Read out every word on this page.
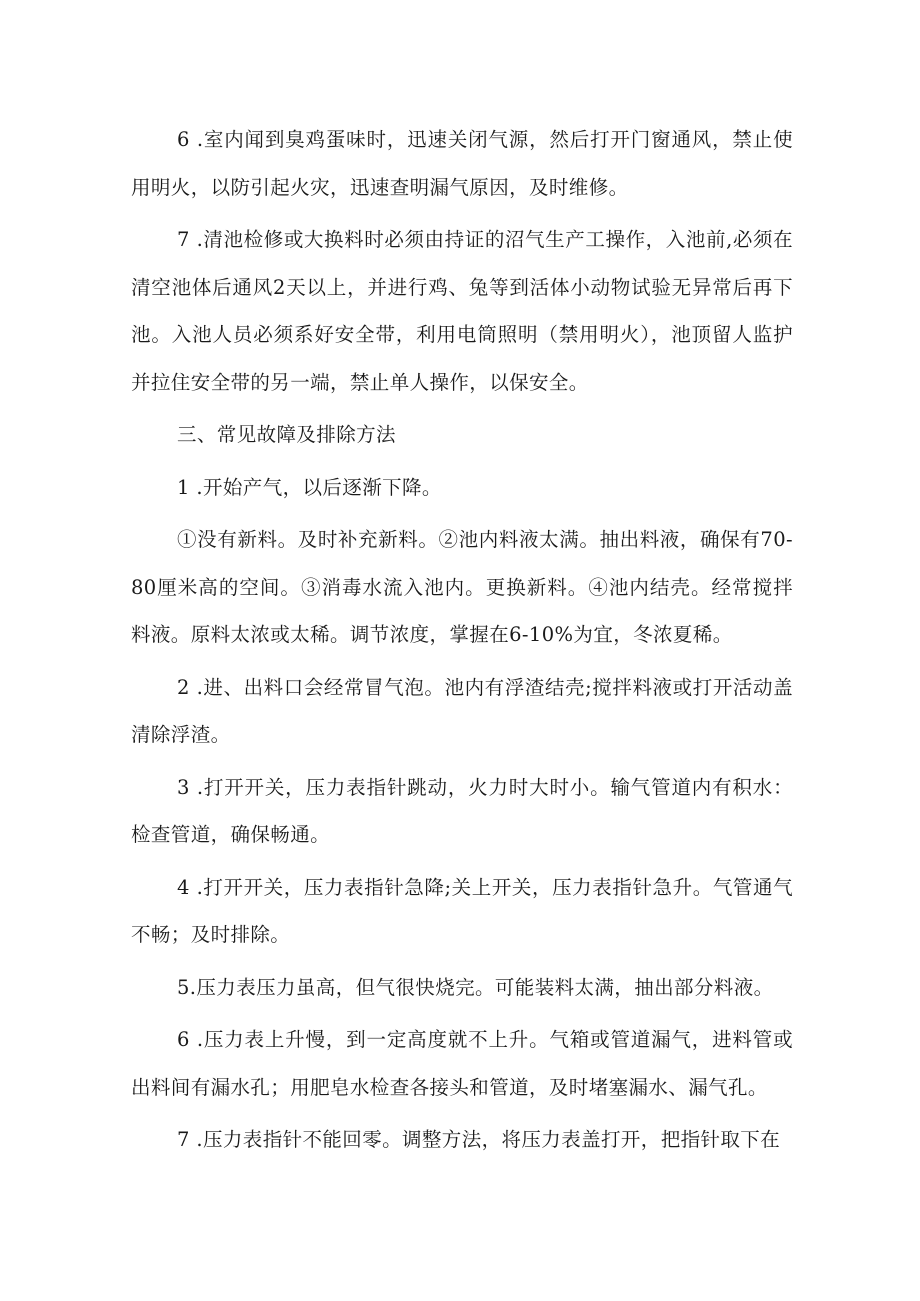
6 .室内闻到臭鸡蛋味时，迅速关闭气源，然后打开门窗通风，禁止使用明火，以防引起火灾，迅速查明漏气原因，及时维修。

7 .清池检修或大换料时必须由持证的沼气生产工操作，入池前,必须在清空池体后通风2天以上，并进行鸡、兔等到活体小动物试验无异常后再下池。入池人员必须系好安全带，利用电筒照明（禁用明火），池顶留人监护并拉住安全带的另一端，禁止单人操作，以保安全。

三、常见故障及排除方法

1 .开始产气，以后逐渐下降。

①没有新料。及时补充新料。②池内料液太满。抽出料液，确保有70-80厘米高的空间。③消毒水流入池内。更换新料。④池内结壳。经常搅拌料液。原料太浓或太稀。调节浓度，掌握在6-10%为宜，冬浓夏稀。

2 .进、出料口会经常冒气泡。池内有浮渣结壳;搅拌料液或打开活动盖清除浮渣。

3 .打开开关，压力表指针跳动，火力时大时小。输气管道内有积水：检查管道，确保畅通。

4 .打开开关，压力表指针急降;关上开关，压力表指针急升。气管通气不畅；及时排除。

5.压力表压力虽高，但气很快烧完。可能装料太满，抽出部分料液。

6 .压力表上升慢，到一定高度就不上升。气箱或管道漏气，进料管或出料间有漏水孔；用肥皂水检查各接头和管道，及时堵塞漏水、漏气孔。

7 .压力表指针不能回零。调整方法，将压力表盖打开，把指针取下在
